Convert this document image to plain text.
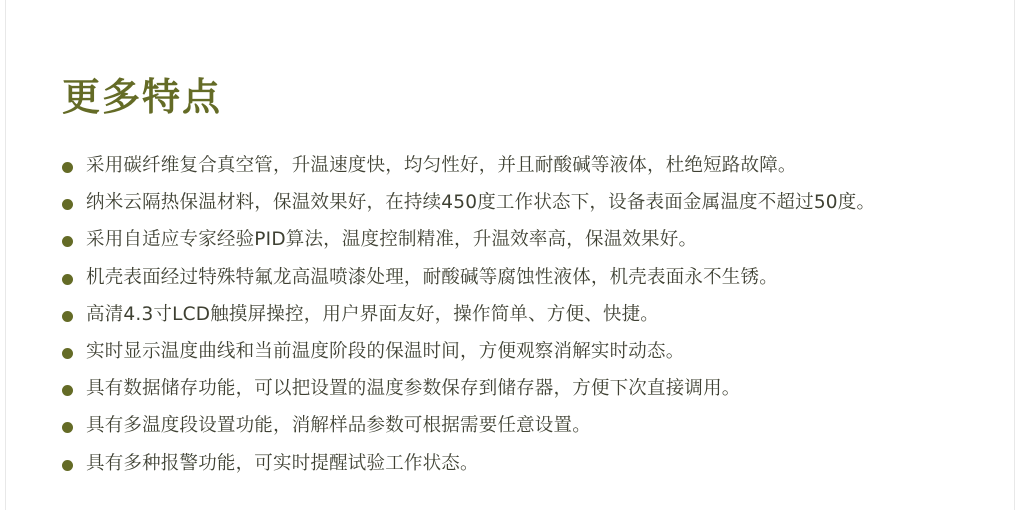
更多特点
采用碳纤维复合真空管，升温速度快，均匀性好，并且耐酸碱等液体，杜绝短路故障。
纳米云隔热保温材料，保温效果好，在持续450度工作状态下，设备表面金属温度不超过50度。
采用自适应专家经验PID算法，温度控制精准，升温效率高，保温效果好。
机壳表面经过特殊特氟龙高温喷漆处理，耐酸碱等腐蚀性液体，机壳表面永不生锈。
高清4.3寸LCD触摸屏操控，用户界面友好，操作简单、方便、快捷。
实时显示温度曲线和当前温度阶段的保温时间，方便观察消解实时动态。
具有数据储存功能，可以把设置的温度参数保存到储存器，方便下次直接调用。
具有多温度段设置功能，消解样品参数可根据需要任意设置。
具有多种报警功能，可实时提醒试验工作状态。
